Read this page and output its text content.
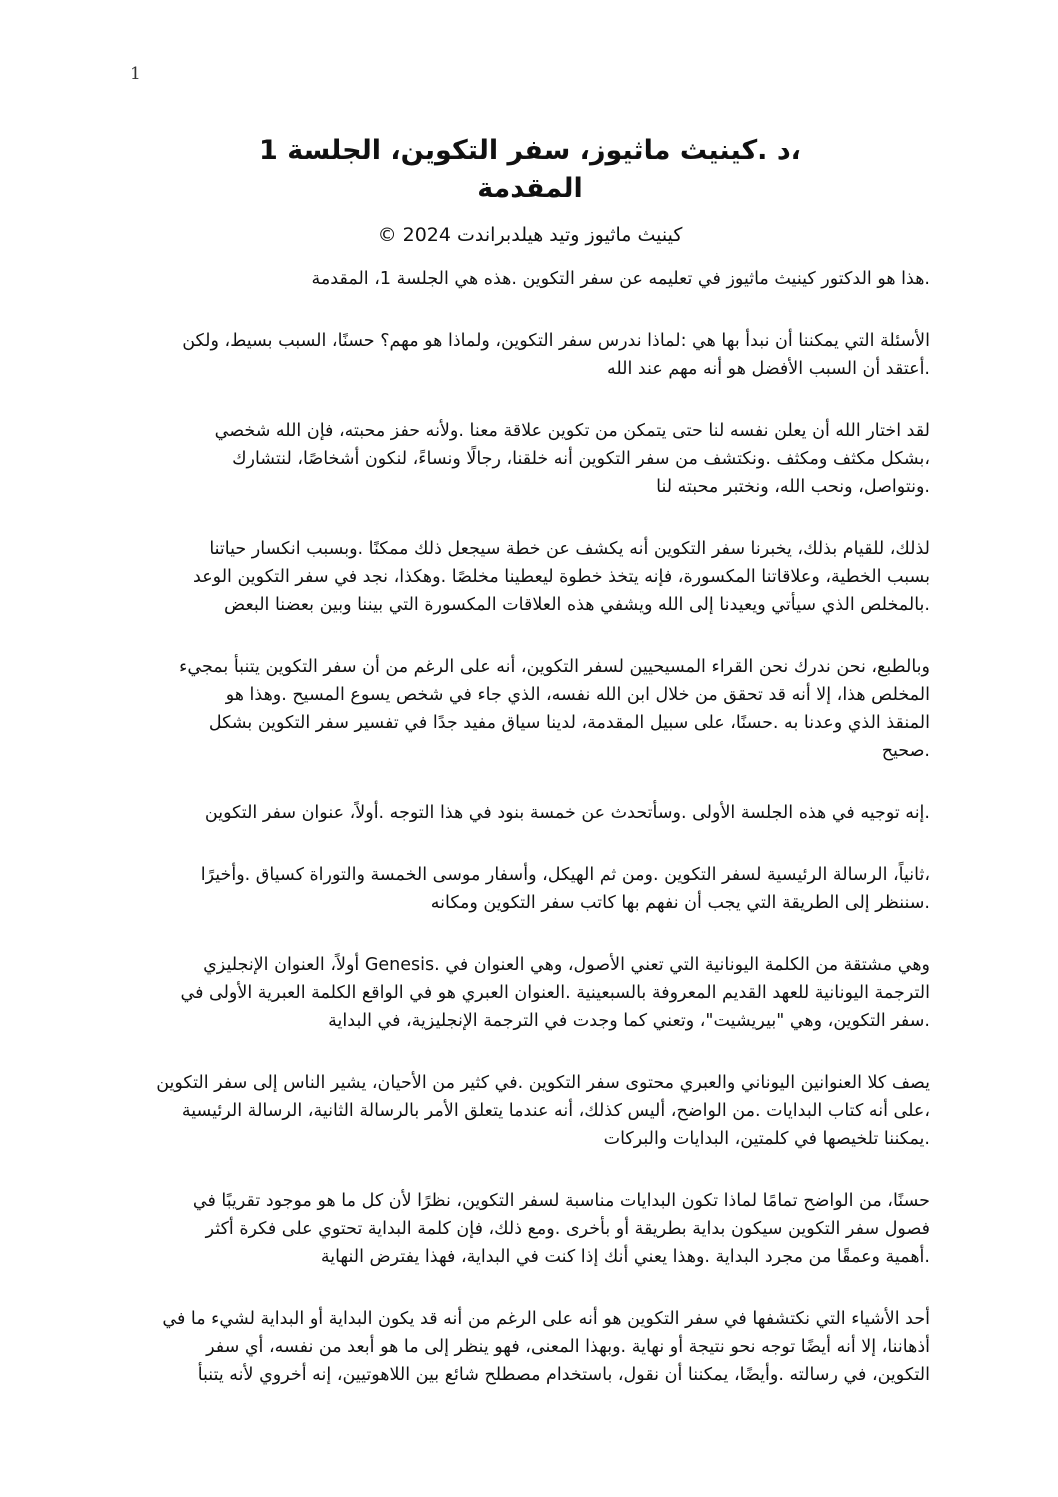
1
،د .كينيث ماثيوز، سفر التكوين، الجلسة 1
المقدمة
كينيث ماثيوز وتيد هيلدبراندت 2024 ©
.هذا هو الدكتور كينيث ماثيوز في تعليمه عن سفر التكوين .هذه هي الجلسة 1، المقدمة
الأسئلة التي يمكننا أن نبدأ بها هي :لماذا ندرس سفر التكوين، ولماذا هو مهم؟ حسنًا، السبب بسيط، ولكن
.أعتقد أن السبب الأفضل هو أنه مهم عند الله
لقد اختار الله أن يعلن نفسه لنا حتى يتمكن من تكوين علاقة معنا .ولأنه حفز محبته، فإن الله شخصي
،بشكل مكثف ومكثف .ونكتشف من سفر التكوين أنه خلقنا، رجالًا ونساءً، لنكون أشخاصًا، لنتشارك
.ونتواصل، ونحب الله، ونختبر محبته لنا
لذلك، للقيام بذلك، يخبرنا سفر التكوين أنه يكشف عن خطة سيجعل ذلك ممكنًا .وبسبب انكسار حياتنا
بسبب الخطية، وعلاقاتنا المكسورة، فإنه يتخذ خطوة ليعطينا مخلصًا .وهكذا، نجد في سفر التكوين الوعد
.بالمخلص الذي سيأتي ويعيدنا إلى الله ويشفي هذه العلاقات المكسورة التي بيننا وبين بعضنا البعض
وبالطبع، نحن ندرك نحن القراء المسيحيين لسفر التكوين، أنه على الرغم من أن سفر التكوين يتنبأ بمجيء
المخلص هذا، إلا أنه قد تحقق من خلال ابن الله نفسه، الذي جاء في شخص يسوع المسيح .وهذا هو
المنقذ الذي وعدنا به .حسنًا، على سبيل المقدمة، لدينا سياق مفيد جدًا في تفسير سفر التكوين بشكل
.صحيح
.إنه توجيه في هذه الجلسة الأولى .وسأتحدث عن خمسة بنود في هذا التوجه .أولاً، عنوان سفر التكوين
،ثانياً، الرسالة الرئيسية لسفر التكوين .ومن ثم الهيكل، وأسفار موسى الخمسة والتوراة كسياق .وأخيرًا
.سننظر إلى الطريقة التي يجب أن نفهم بها كاتب سفر التكوين ومكانه
وهي مشتقة من الكلمة اليونانية التي تعني الأصول، وهي العنوان في .Genesis أولاً، العنوان الإنجليزي
الترجمة اليونانية للعهد القديم المعروفة بالسبعينية .العنوان العبري هو في الواقع الكلمة العبرية الأولى في
.سفر التكوين، وهي "بيريشيت"، وتعني كما وجدت في الترجمة الإنجليزية، في البداية
يصف كلا العنوانين اليوناني والعبري محتوى سفر التكوين .في كثير من الأحيان، يشير الناس إلى سفر التكوين
،على أنه كتاب البدايات .من الواضح، أليس كذلك، أنه عندما يتعلق الأمر بالرسالة الثانية، الرسالة الرئيسية
.يمكننا تلخيصها في كلمتين، البدايات والبركات
حسنًا، من الواضح تمامًا لماذا تكون البدايات مناسبة لسفر التكوين، نظرًا لأن كل ما هو موجود تقريبًا في
فصول سفر التكوين سيكون بداية بطريقة أو بأخرى .ومع ذلك، فإن كلمة البداية تحتوي على فكرة أكثر
.أهمية وعمقًا من مجرد البداية .وهذا يعني أنك إذا كنت في البداية، فهذا يفترض النهاية
أحد الأشياء التي نكتشفها في سفر التكوين هو أنه على الرغم من أنه قد يكون البداية أو البداية لشيء ما في
أذهاننا، إلا أنه أيضًا توجه نحو نتيجة أو نهاية .وبهذا المعنى، فهو ينظر إلى ما هو أبعد من نفسه، أي سفر
التكوين، في رسالته .وأيضًا، يمكننا أن نقول، باستخدام مصطلح شائع بين اللاهوتيين، إنه أخروي لأنه يتنبأ
